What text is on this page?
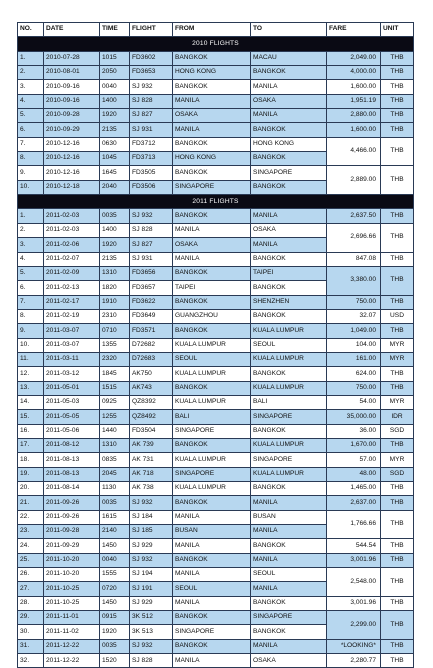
NO.	DATE	TIME	FLIGHT	FROM	TO	FARE	UNIT
2010 FLIGHTS							
1.	2010-07-28	1015	FD3602	BANGKOK	MACAU	2,049.00	THB
2.	2010-08-01	2050	FD3653	HONG KONG	BANGKOK	4,000.00	THB
3.	2010-09-16	0040	SJ 932	BANGKOK	MANILA	1,600.00	THB
4.	2010-09-16	1400	SJ 828	MANILA	OSAKA	1,951.19	THB
5.	2010-09-28	1920	SJ 827	OSAKA	MANILA	2,880.00	THB
6.	2010-09-29	2135	SJ 931	MANILA	BANGKOK	1,600.00	THB
7.	2010-12-16	0630	FD3712	BANGKOK	HONG KONG	4,466.00	THB
8.	2010-12-16	1045	FD3713	HONG KONG	BANGKOK		
9.	2010-12-16	1645	FD3505	BANGKOK	SINGAPORE	2,889.00	THB
10.	2010-12-18	2040	FD3506	SINGAPORE	BANGKOK		
2011 FLIGHTS							
1.	2011-02-03	0035	SJ 932	BANGKOK	MANILA	2,637.50	THB
2.	2011-02-03	1400	SJ 828	MANILA	OSAKA	2,696.66	THB
3.	2011-02-06	1920	SJ 827	OSAKA	MANILA		
4.	2011-02-07	2135	SJ 931	MANILA	BANGKOK	847.08	THB
5.	2011-02-09	1310	FD3656	BANGKOK	TAIPEI	3,380.00	THB
6.	2011-02-13	1820	FD3657	TAIPEI	BANGKOK		
7.	2011-02-17	1910	FD3622	BANGKOK	SHENZHEN	750.00	THB
8.	2011-02-19	2310	FD3649	GUANGZHOU	BANGKOK	32.07	USD
9.	2011-03-07	0710	FD3571	BANGKOK	KUALA LUMPUR	1,049.00	THB
10.	2011-03-07	1355	D72682	KUALA LUMPUR	SEOUL	104.00	MYR
11.	2011-03-11	2320	D72683	SEOUL	KUALA LUMPUR	161.00	MYR
12.	2011-03-12	1845	AK750	KUALA LUMPUR	BANGKOK	624.00	THB
13.	2011-05-01	1515	AK743	BANGKOK	KUALA LUMPUR	750.00	THB
14.	2011-05-03	0925	QZ8392	KUALA LUMPUR	BALI	54.00	MYR
15.	2011-05-05	1255	QZ8492	BALI	SINGAPORE	35,000.00	IDR
16.	2011-05-06	1440	FD3504	SINGAPORE	BANGKOK	36.00	SGD
17.	2011-08-12	1310	AK 739	BANGKOK	KUALA LUMPUR	1,670.00	THB
18.	2011-08-13	0835	AK 731	KUALA LUMPUR	SINGAPORE	57.00	MYR
19.	2011-08-13	2045	AK 718	SINGAPORE	KUALA LUMPUR	48.00	SGD
20.	2011-08-14	1130	AK 738	KUALA LUMPUR	BANGKOK	1,465.00	THB
21.	2011-09-26	0035	SJ 932	BANGKOK	MANILA	2,637.00	THB
22.	2011-09-26	1615	SJ 184	MANILA	BUSAN	1,766.66	THB
23.	2011-09-28	2140	SJ 185	BUSAN	MANILA		
24.	2011-09-29	1450	SJ 929	MANILA	BANGKOK	544.54	THB
25.	2011-10-20	0040	SJ 932	BANGKOK	MANILA	3,001.96	THB
26.	2011-10-20	1555	SJ 194	MANILA	SEOUL	2,548.00	THB
27.	2011-10-25	0720	SJ 191	SEOUL	MANILA		
28.	2011-10-25	1450	SJ 929	MANILA	BANGKOK	3,001.96	THB
29.	2011-11-01	0915	3K 512	BANGKOK	SINGAPORE	2,299.00	THB
30.	2011-11-02	1920	3K 513	SINGAPORE	BANGKOK		
31.	2011-12-22	0035	SJ 932	BANGKOK	MANILA	*LOOKING*	THB
32.	2011-12-22	1520	SJ 828	MANILA	OSAKA	2,280.77	THB
